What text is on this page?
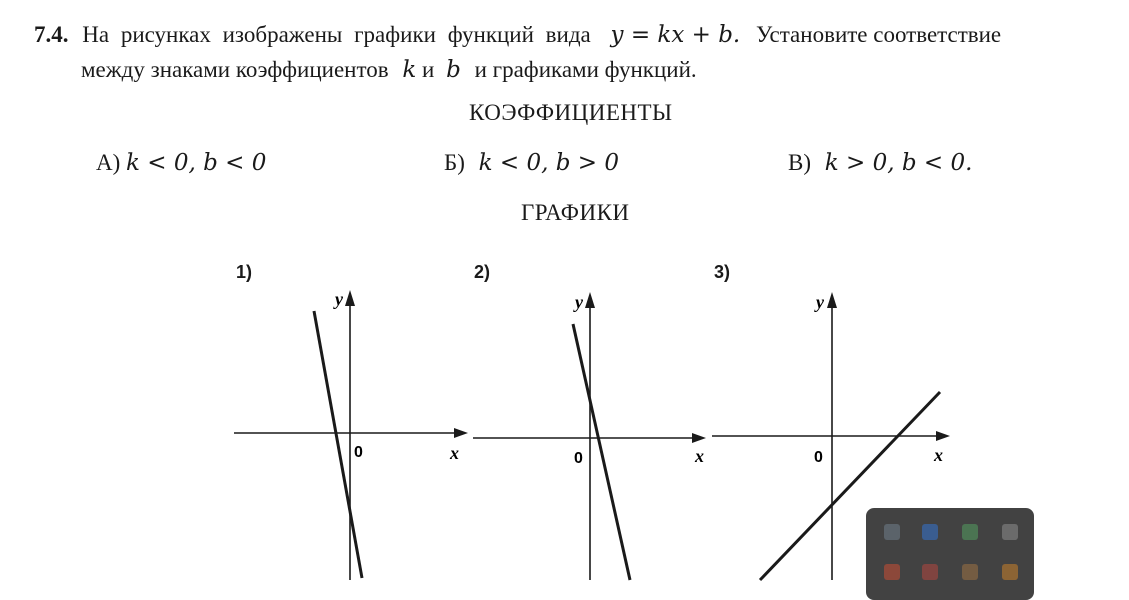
7.4. На рисунках изображены графики функций вида y = kx + b. Установите соответствие
между знаками коэффициентов k и b и графиками функций.
КОЭФФИЦИЕНТЫ
А) k < 0, b < 0	Б) k < 0, b > 0	В) k > 0, b < 0.
ГРАФИКИ
1)	2)	3)
y
x
0
y
x
0
y
x
0
